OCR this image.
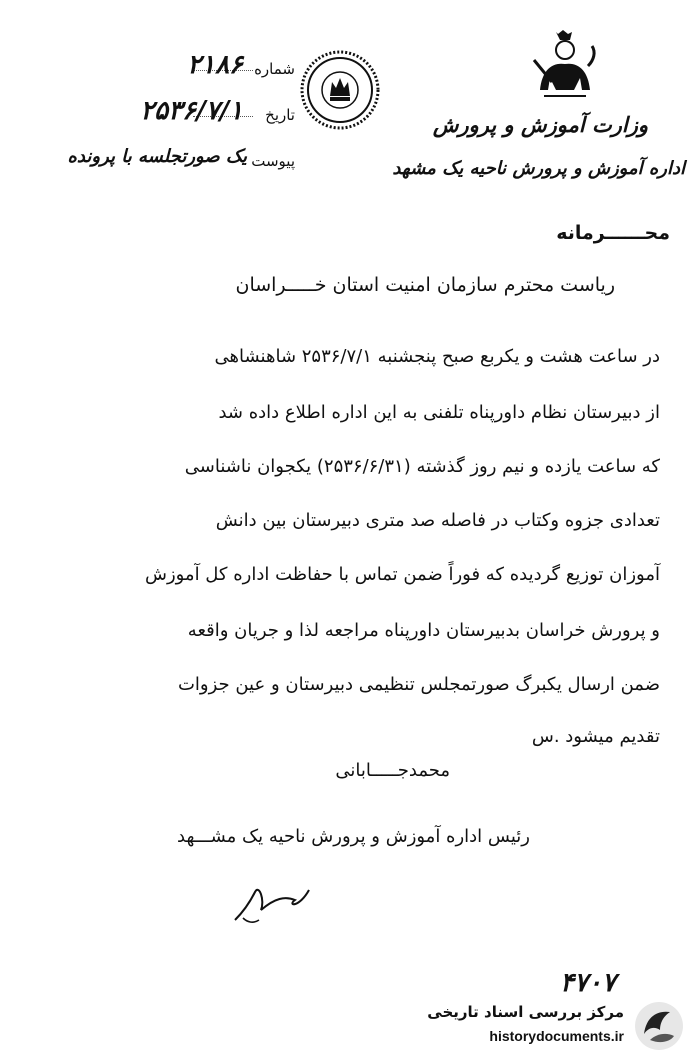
وزارت آموزش و پرورش
اداره آموزش و پرورش ناحیه یک مشهد
شماره
۲۱۸۶
تاریخ
۲۵۳۶/۷/۱
پیوست
یک صورتجلسه با پرونده
محــــــرمانه
ریاست محترم سازمان امنیت استان خـــــراسان
در ساعت هشت و یکربع صبح پنجشنبه ۲۵۳۶/۷/۱ شاهنشاهی
از دبیرستان نظام داورپناه تلفنی به این اداره اطلاع داده شد
که ساعت یازده و نیم روز گذشته (۲۵۳۶/۶/۳۱) یکجوان ناشناسی
تعدادی جزوه وکتاب در فاصله صد متری دبیرستان بین دانش
آموزان توزیع گردیده که فوراً ضمن تماس با حفاظت اداره کل آموزش
و پرورش خراسان بدبیرستان داورپناه مراجعه لذا و جریان واقعه
ضمن ارسال یکبرگ صورتمجلس تنظیمی دبیرستان و عین جزوات
تقدیم میشود .س
محمدجـــــابانی
رئیس اداره آموزش و پرورش ناحیه یک مشـــهد
۴۷۰۷
مرکز بررسی اسناد تاریخی
historydocuments.ir
